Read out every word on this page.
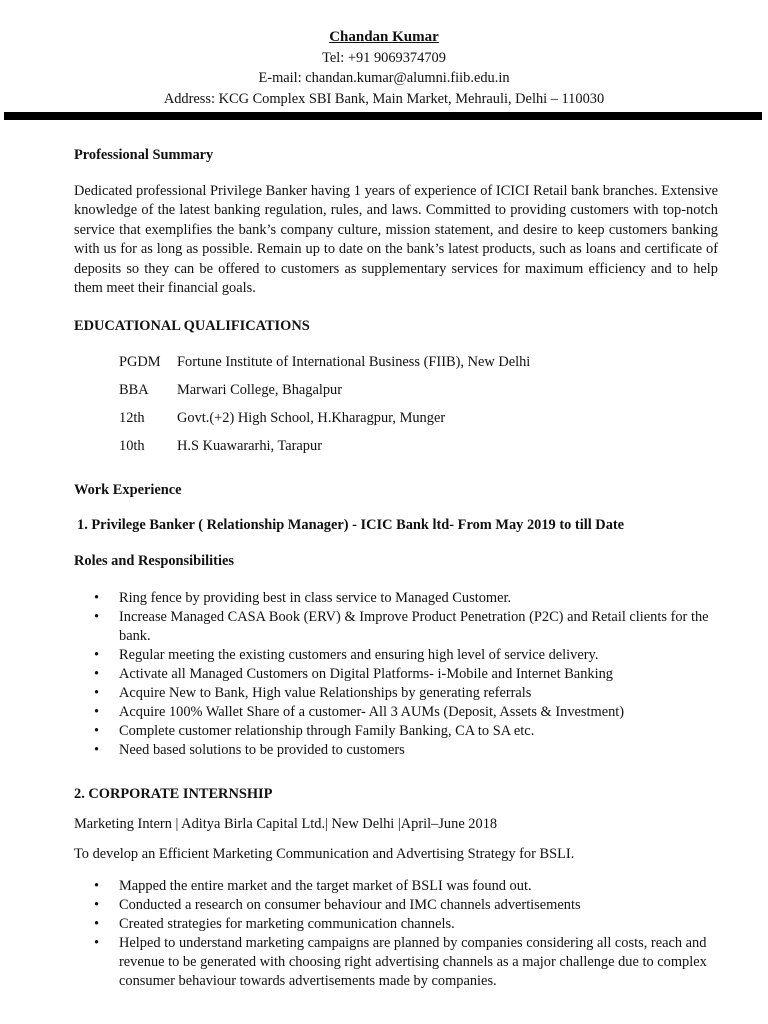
Chandan Kumar
Tel: +91 9069374709
E-mail: chandan.kumar@alumni.fiib.edu.in
Address: KCG Complex SBI Bank, Main Market, Mehrauli, Delhi – 110030
Professional Summary

Dedicated professional Privilege Banker having 1 years of experience of ICICI Retail bank branches. Extensive knowledge of the latest banking regulation, rules, and laws. Committed to providing customers with top-notch service that exemplifies the bank’s company culture, mission statement, and desire to keep customers banking with us for as long as possible. Remain up to date on the bank’s latest products, such as loans and certificate of deposits so they can be offered to customers as supplementary services for maximum efficiency and to help them meet their financial goals.

EDUCATIONAL QUALIFICATIONS
PGDM	Fortune Institute of International Business (FIIB), New Delhi
BBA	Marwari College, Bhagalpur
12th	Govt.(+2) High School, H.Kharagpur, Munger
10th	H.S Kuawararhi, Tarapur
Work Experience
1. Privilege Banker ( Relationship Manager) - ICIC Bank ltd- From May 2019 to till Date
Roles and Responsibilities
• Ring fence by providing best in class service to Managed Customer.
• Increase Managed CASA Book (ERV) & Improve Product Penetration (P2C) and Retail clients for the bank.
• Regular meeting the existing customers and ensuring high level of service delivery.
• Activate all Managed Customers on Digital Platforms- i-Mobile and Internet Banking
• Acquire New to Bank, High value Relationships by generating referrals
• Acquire 100% Wallet Share of a customer- All 3 AUMs (Deposit, Assets & Investment)
• Complete customer relationship through Family Banking, CA to SA etc.
• Need based solutions to be provided to customers
2. CORPORATE INTERNSHIP
Marketing Intern | Aditya Birla Capital Ltd.| New Delhi |April–June 2018
To develop an Efficient Marketing Communication and Advertising Strategy for BSLI.
• Mapped the entire market and the target market of BSLI was found out.
• Conducted a research on consumer behaviour and IMC channels advertisements
• Created strategies for marketing communication channels.
• Helped to understand marketing campaigns are planned by companies considering all costs, reach and revenue to be generated with choosing right advertising channels as a major challenge due to complex consumer behaviour towards advertisements made by companies.
